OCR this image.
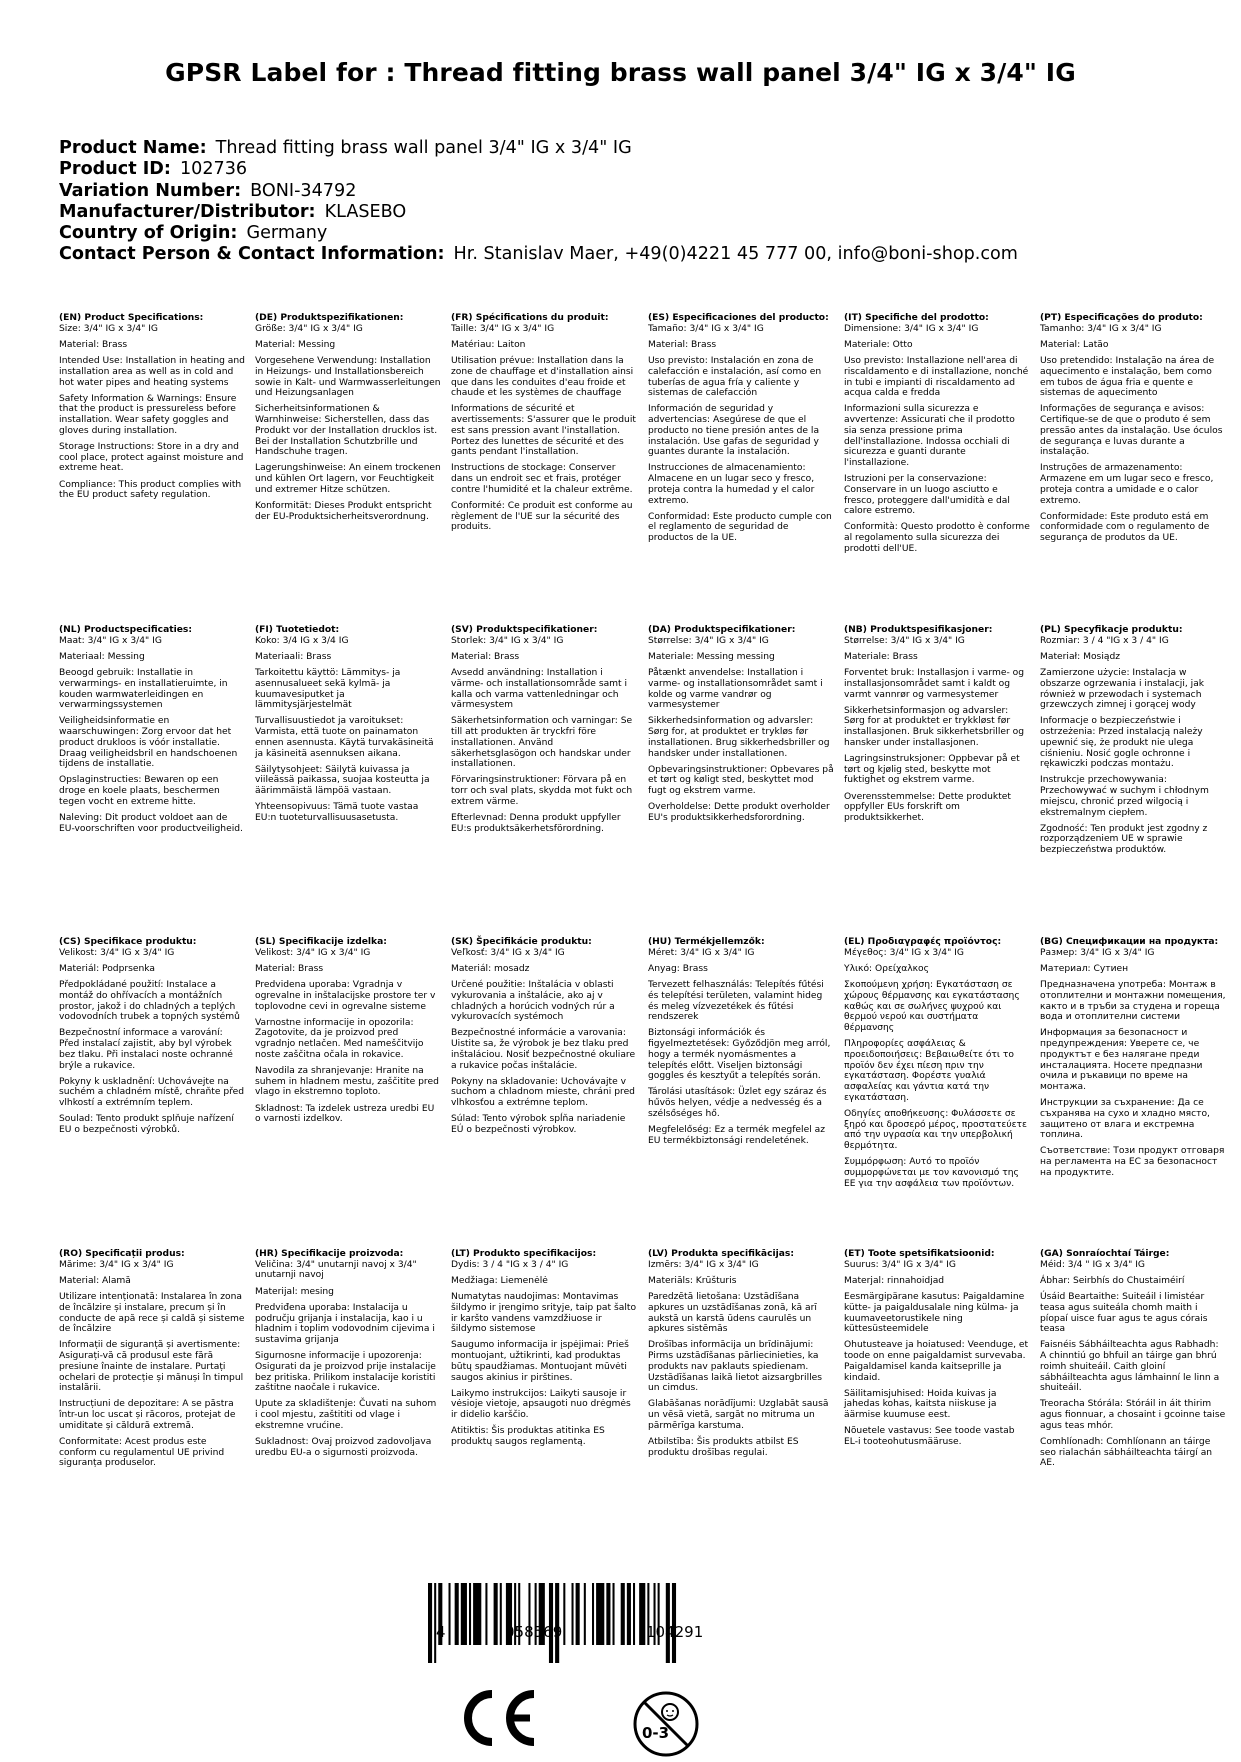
GPSR Label for : Thread fitting brass wall panel 3/4" IG x 3/4" IG
Product Name: Thread fitting brass wall panel 3/4" IG x 3/4" IG
Product ID: 102736
Variation Number: BONI-34792
Manufacturer/Distributor: KLASEBO
Country of Origin: Germany
Contact Person & Contact Information: Hr. Stanislav Maer, +49(0)4221 45 777 00, info@boni-shop.com
(EN) Product Specifications:

Size: 3/4" IG x 3/4" IG

Material: Brass

Intended Use: Installation in heating and installation area as well as in cold and hot water pipes and heating systems

Safety Information & Warnings: Ensure that the product is pressureless before installation. Wear safety goggles and gloves during installation.

Storage Instructions: Store in a dry and cool place, protect against moisture and extreme heat.

Compliance: This product complies with the EU product safety regulation.

(DE) Produktspezifikationen:

Größe: 3/4" IG x 3/4" IG

Material: Messing

Vorgesehene Verwendung: Installation in Heizungs- und Installationsbereich sowie in Kalt- und Warmwasserleitungen und Heizungsanlagen

Sicherheitsinformationen & Warnhinweise: Sicherstellen, dass das Produkt vor der Installation drucklos ist. Bei der Installation Schutzbrille und Handschuhe tragen.

Lagerungshinweise: An einem trockenen und kühlen Ort lagern, vor Feuchtigkeit und extremer Hitze schützen.

Konformität: Dieses Produkt entspricht der EU-Produktsicherheitsverordnung.

(FR) Spécifications du produit:

Taille: 3/4" IG x 3/4" IG

Matériau: Laiton

Utilisation prévue: Installation dans la zone de chauffage et d'installation ainsi que dans les conduites d'eau froide et chaude et les systèmes de chauffage

Informations de sécurité et avertissements: S'assurer que le produit est sans pression avant l'installation. Portez des lunettes de sécurité et des gants pendant l'installation.

Instructions de stockage: Conserver dans un endroit sec et frais, protéger contre l'humidité et la chaleur extrême.

Conformité: Ce produit est conforme au règlement de l'UE sur la sécurité des produits.

(ES) Especificaciones del producto:

Tamaño: 3/4" IG x 3/4" IG

Material: Brass

Uso previsto: Instalación en zona de calefacción e instalación, así como en tuberías de agua fría y caliente y sistemas de calefacción

Información de seguridad y advertencias: Asegúrese de que el producto no tiene presión antes de la instalación. Use gafas de seguridad y guantes durante la instalación.

Instrucciones de almacenamiento: Almacene en un lugar seco y fresco, proteja contra la humedad y el calor extremo.

Conformidad: Este producto cumple con el reglamento de seguridad de productos de la UE.

(IT) Specifiche del prodotto:

Dimensione: 3/4" IG x 3/4" IG

Materiale: Otto

Uso previsto: Installazione nell'area di riscaldamento e di installazione, nonché in tubi e impianti di riscaldamento ad acqua calda e fredda

Informazioni sulla sicurezza e avvertenze: Assicurati che il prodotto sia senza pressione prima dell'installazione. Indossa occhiali di sicurezza e guanti durante l'installazione.

Istruzioni per la conservazione: Conservare in un luogo asciutto e fresco, proteggere dall'umidità e dal calore estremo.

Conformità: Questo prodotto è conforme al regolamento sulla sicurezza dei prodotti dell'UE.

(PT) Especificações do produto:

Tamanho: 3/4" IG x 3/4" IG

Material: Latão

Uso pretendido: Instalação na área de aquecimento e instalação, bem como em tubos de água fria e quente e sistemas de aquecimento

Informações de segurança e avisos: Certifique-se de que o produto é sem pressão antes da instalação. Use óculos de segurança e luvas durante a instalação.

Instruções de armazenamento: Armazene em um lugar seco e fresco, proteja contra a umidade e o calor extremo.

Conformidade: Este produto está em conformidade com o regulamento de segurança de produtos da UE.

(NL) Productspecificaties:

Maat: 3/4" IG x 3/4" IG

Materiaal: Messing

Beoogd gebruik: Installatie in verwarmings- en installatieruimte, in kouden warmwaterleidingen en verwarmingssystemen

Veiligheidsinformatie en waarschuwingen: Zorg ervoor dat het product drukloos is vóór installatie. Draag veiligheidsbril en handschoenen tijdens de installatie.

Opslaginstructies: Bewaren op een droge en koele plaats, beschermen tegen vocht en extreme hitte.

Naleving: Dit product voldoet aan de EU-voorschriften voor productveiligheid.

(FI) Tuotetiedot:

Koko: 3/4 IG x 3/4 IG

Materiaali: Brass

Tarkoitettu käyttö: Lämmitys- ja asennusalueet sekä kylmä- ja kuumavesiputket ja lämmitysjärjestelmät

Turvallisuustiedot ja varoitukset: Varmista, että tuote on painamaton ennen asennusta. Käytä turvakäsineitä ja käsineitä asennuksen aikana.

Säilytysohjeet: Säilytä kuivassa ja viileässä paikassa, suojaa kosteutta ja äärimmäistä lämpöä vastaan.

Yhteensopivuus: Tämä tuote vastaa EU:n tuoteturvallisuusasetusta.

(SV) Produktspecifikationer:

Storlek: 3/4" IG x 3/4" IG

Material: Brass

Avsedd användning: Installation i värme- och installationsområde samt i kalla och varma vattenledningar och värmesystem

Säkerhetsinformation och varningar: Se till att produkten är tryckfri före installationen. Använd säkerhetsglasögon och handskar under installationen.

Förvaringsinstruktioner: Förvara på en torr och sval plats, skydda mot fukt och extrem värme.

Efterlevnad: Denna produkt uppfyller EU:s produktsäkerhetsförordning.

(DA) Produktspecifikationer:

Størrelse: 3/4" IG x 3/4" IG

Materiale: Messing messing

Påtænkt anvendelse: Installation i varme- og installationsområdet samt i kolde og varme vandrør og varmesystemer

Sikkerhedsinformation og advarsler: Sørg for, at produktet er trykløs før installationen. Brug sikkerhedsbriller og handsker under installationen.

Opbevaringsinstruktioner: Opbevares på et tørt og køligt sted, beskyttet mod fugt og ekstrem varme.

Overholdelse: Dette produkt overholder EU's produktsikkerhedsforordning.

(NB) Produktspesifikasjoner:

Størrelse: 3/4" IG x 3/4" IG

Materiale: Brass

Forventet bruk: Installasjon i varme- og installasjonsområdet samt i kaldt og varmt vannrør og varmesystemer

Sikkerhetsinformasjon og advarsler: Sørg for at produktet er trykkløst før installasjonen. Bruk sikkerhetsbriller og hansker under installasjonen.

Lagringsinstruksjoner: Oppbevar på et tørt og kjølig sted, beskytte mot fuktighet og ekstrem varme.

Overensstemmelse: Dette produktet oppfyller EUs forskrift om produktsikkerhet.

(PL) Specyfikacje produktu:

Rozmiar: 3 / 4 "IG x 3 / 4" IG

Materiał: Mosiądz

Zamierzone użycie: Instalacja w obszarze ogrzewania i instalacji, jak również w przewodach i systemach grzewczych zimnej i gorącej wody

Informacje o bezpieczeństwie i ostrzeżenia: Przed instalacją należy upewnić się, że produkt nie ulega ciśnieniu. Nosić gogle ochronne i rękawiczki podczas montażu.

Instrukcje przechowywania: Przechowywać w suchym i chłodnym miejscu, chronić przed wilgocią i ekstremalnym ciepłem.

Zgodność: Ten produkt jest zgodny z rozporządzeniem UE w sprawie bezpieczeństwa produktów.

(CS) Specifikace produktu:

Velikost: 3/4" IG x 3/4" IG

Materiál: Podprsenka

Předpokládané použití: Instalace a montáž do ohřívacích a montážních prostor, jakož i do chladných a teplých vodovodních trubek a topných systémů

Bezpečnostní informace a varování: Před instalací zajistit, aby byl výrobek bez tlaku. Při instalaci noste ochranné brýle a rukavice.

Pokyny k uskladnění: Uchovávejte na suchém a chladném místě, chraňte před vlhkostí a extrémním teplem.

Soulad: Tento produkt splňuje nařízení EU o bezpečnosti výrobků.

(SL) Specifikacije izdelka:

Velikost: 3/4" IG x 3/4" IG

Material: Brass

Predvidena uporaba: Vgradnja v ogrevalne in inštalacijske prostore ter v toplovodne cevi in ogrevalne sisteme

Varnostne informacije in opozorila: Zagotovite, da je proizvod pred vgradnjo netlačen. Med nameščitvijo noste zaščitna očala in rokavice.

Navodila za shranjevanje: Hranite na suhem in hladnem mestu, zaščitite pred vlago in ekstremno toploto.

Skladnost: Ta izdelek ustreza uredbi EU o varnosti izdelkov.

(SK) Špecifikácie produktu:

Veľkosť: 3/4" IG x 3/4" IG

Materiál: mosadz

Určené použitie: Inštalácia v oblasti vykurovania a inštalácie, ako aj v chladných a horúcich vodných rúr a vykurovacích systémoch

Bezpečnostné informácie a varovania: Uistite sa, že výrobok je bez tlaku pred inštaláciou. Nosiť bezpečnostné okuliare a rukavice počas inštalácie.

Pokyny na skladovanie: Uchovávajte v suchom a chladnom mieste, chráni pred vlhkosťou a extrémne teplom.

Súlad: Tento výrobok spĺňa nariadenie EÚ o bezpečnosti výrobkov.

(HU) Termékjellemzők:

Méret: 3/4" IG x 3/4" IG

Anyag: Brass

Tervezett felhasználás: Telepítés fűtési és telepítési területen, valamint hideg és meleg vízvezetékek és fűtési rendszerek

Biztonsági információk és figyelmeztetések: Győződjön meg arról, hogy a termék nyomásmentes a telepítés előtt. Viseljen biztonsági goggles és kesztyűt a telepítés során.

Tárolási utasítások: Üzlet egy száraz és hűvös helyen, védje a nedvesség és a szélsőséges hő.

Megfelelőség: Ez a termék megfelel az EU termékbiztonsági rendeletének.

(EL) Προδιαγραφές προϊόντος:

Μέγεθος: 3/4" IG x 3/4" IG

Υλικό: Ορείχαλκος

Σκοπούμενη χρήση: Εγκατάσταση σε χώρους θέρμανσης και εγκατάστασης καθώς και σε σωλήνες ψυχρού και θερμού νερού και συστήματα θέρμανσης

Πληροφορίες ασφάλειας & προειδοποιήσεις: Βεβαιωθείτε ότι το προϊόν δεν έχει πίεση πριν την εγκατάσταση. Φορέστε γυαλιά ασφαλείας και γάντια κατά την εγκατάσταση.

Οδηγίες αποθήκευσης: Φυλάσσετε σε ξηρό και δροσερό μέρος, προστατεύετε από την υγρασία και την υπερβολική θερμότητα.

Συμμόρφωση: Αυτό το προϊόν συμμορφώνεται με τον κανονισμό της ΕΕ για την ασφάλεια των προϊόντων.

(BG) Спецификации на продукта:

Размер: 3/4" IG x 3/4" IG

Материал: Сутиен

Предназначена употреба: Монтаж в отоплителни и монтажни помещения, както и в тръби за студена и гореща вода и отоплителни системи

Информация за безопасност и предупреждения: Уверете се, че продуктът е без налягане преди инсталацията. Носете предпазни очила и ръкавици по време на монтажа.

Инструкции за съхранение: Да се съхранява на сухо и хладно място, защитено от влага и екстремна топлина.

Съответствие: Този продукт отговаря на регламента на ЕС за безопасност на продуктите.

(RO) Specificații produs:

Mărime: 3/4" IG x 3/4" IG

Material: Alamă

Utilizare intenționată: Instalarea în zona de încălzire și instalare, precum și în conducte de apă rece și caldă și sisteme de încălzire

Informații de siguranță și avertismente: Asigurați-vă că produsul este fără presiune înainte de instalare. Purtați ochelari de protecție și mănuși în timpul instalării.

Instrucțiuni de depozitare: A se păstra într-un loc uscat și răcoros, protejat de umiditate și căldură extremă.

Conformitate: Acest produs este conform cu regulamentul UE privind siguranța produselor.

(HR) Specifikacije proizvoda:

Veličina: 3/4" unutarnji navoj x 3/4" unutarnji navoj

Materijal: mesing

Predviđena uporaba: Instalacija u području grijanja i instalacija, kao i u hladnim i toplim vodovodnim cijevima i sustavima grijanja

Sigurnosne informacije i upozorenja: Osigurati da je proizvod prije instalacije bez pritiska. Prilikom instalacije koristiti zaštitne naočale i rukavice.

Upute za skladištenje: Čuvati na suhom i cool mjestu, zaštititi od vlage i ekstremne vrućine.

Sukladnost: Ovaj proizvod zadovoljava uredbu EU-a o sigurnosti proizvoda.

(LT) Produkto specifikacijos:

Dydis: 3 / 4 "IG x 3 / 4" IG

Medžiaga: Liemenėlė

Numatytas naudojimas: Montavimas šildymo ir įrengimo srityje, taip pat šalto ir karšto vandens vamzdžiuose ir šildymo sistemose

Saugumo informacija ir įspėjimai: Prieš montuojant, užtikrinti, kad produktas būtų spaudžiamas. Montuojant mūvėti saugos akinius ir pirštines.

Laikymo instrukcijos: Laikyti sausoje ir vėsioje vietoje, apsaugoti nuo drėgmės ir didelio karščio.

Atitiktis: Šis produktas atitinka ES produktų saugos reglamentą.

(LV) Produkta specifikācijas:

Izmērs: 3/4" IG x 3/4" IG

Materiāls: Krūšturis

Paredzētā lietošana: Uzstādīšana apkures un uzstādīšanas zonā, kā arī aukstā un karstā ūdens caurulēs un apkures sistēmās

Drošības informācija un brīdinājumi: Pirms uzstādīšanas pārliecinieties, ka produkts nav paklauts spiedienam. Uzstādīšanas laikā lietot aizsargbrilles un cimdus.

Glabāšanas norādījumi: Uzglabāt sausā un vēsā vietā, sargāt no mitruma un pārmērīga karstuma.

Atbilstība: Šis produkts atbilst ES produktu drošības regulai.

(ET) Toote spetsifikatsioonid:

Suurus: 3/4" IG x 3/4" IG

Materjal: rinnahoidjad

Eesmärgipärane kasutus: Paigaldamine kütte- ja paigaldusalale ning külma- ja kuumaveetorustikele ning küttesüsteemidele

Ohutusteave ja hoiatused: Veenduge, et toode on enne paigaldamist survevaba. Paigaldamisel kanda kaitseprille ja kindaid.

Säilitamisjuhised: Hoida kuivas ja jahedas kohas, kaitsta niiskuse ja äärmise kuumuse eest.

Nõuetele vastavus: See toode vastab EL-i tooteohutusmääruse.

(GA) Sonraíochtaí Táirge:

Méid: 3/4 " IG x 3/4" IG

Ábhar: Seirbhís do Chustaiméirí

Úsáid Beartaithe: Suiteáil i limistéar teasa agus suiteála chomh maith i píopaí uisce fuar agus te agus córais teasa

Faisnéis Sábháilteachta agus Rabhadh: A chinntiú go bhfuil an táirge gan bhrú roimh shuiteáil. Caith gloiní sábháilteachta agus lámhainní le linn a shuiteáil.

Treoracha Stórála: Stóráil in áit thirim agus fionnuar, a chosaint i gcoinne taise agus teas mhór.

Comhlíonadh: Comhlíonann an táirge seo rialachán sábháilteachta táirgí an AE.

4	058569	104291
0-3
